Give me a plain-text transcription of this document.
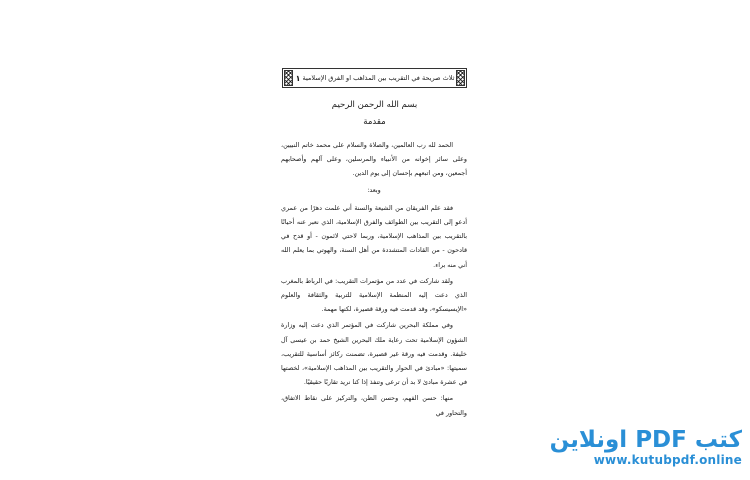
١ ثلاث صريحة في التقريب بين المذاهب او الفرق الإسلامية
بسم الله الرحمن الرحيم
مقدمة

الحمد لله رب العالمين، والصلاة والسلام على محمد خاتم النبيين، وعلى سائر إخوانه من الأنبياء والمرسلين، وعلى آلهم وأصحابهم أجمعين، ومن اتبعهم بإحسان إلى يوم الدين.

وبعد:

فقد علم الفريقان من الشيعة والسنة أني علمت دهرًا من عمري أدعو إلى التقريب بين الطوائف والفرق الإسلامية، الذي نعبر عنه أحيانًا بالتقريب بين المذاهب الإسلامية، وربما لاحتي لائمون - أو قدح في قادحون - من القادات المتشددة من أهل السنة، والهوتي بما يعلم الله أني منه براء.

ولقد شاركت في عدد من مؤتمرات التقريب: في الرباط بالمغرب الذي دعت إليه المنظمة الإسلامية للتربية والثقافة والعلوم «الإيسيسكو»، وقد قدمت فيه ورقة قصيرة، لكنها مهمة.

وفي مملكة البحرين شاركت في المؤتمر الذي دعت إليه وزارة الشؤون الإسلامية تحت رعاية ملك البحرين الشيخ حمد بن عيسى آل خليفة. وقدمت فيه ورقة غير قصيرة، تضمنت ركائز أساسية للتقريب، سميتها: «مبادئ في الحوار والتقريب بين المذاهب الإسلامية»، لخصتها في عشرة مبادئ لا بد أن ترعى وتنفذ إذا كنا نريد تقاربًا حقيقيًا.

منها: حسن الفهم، وحسن الظن، والتركيز على نقاط الاتفاق، والتحاور في

كتب PDF اونلاين
www.kutubpdf.online
